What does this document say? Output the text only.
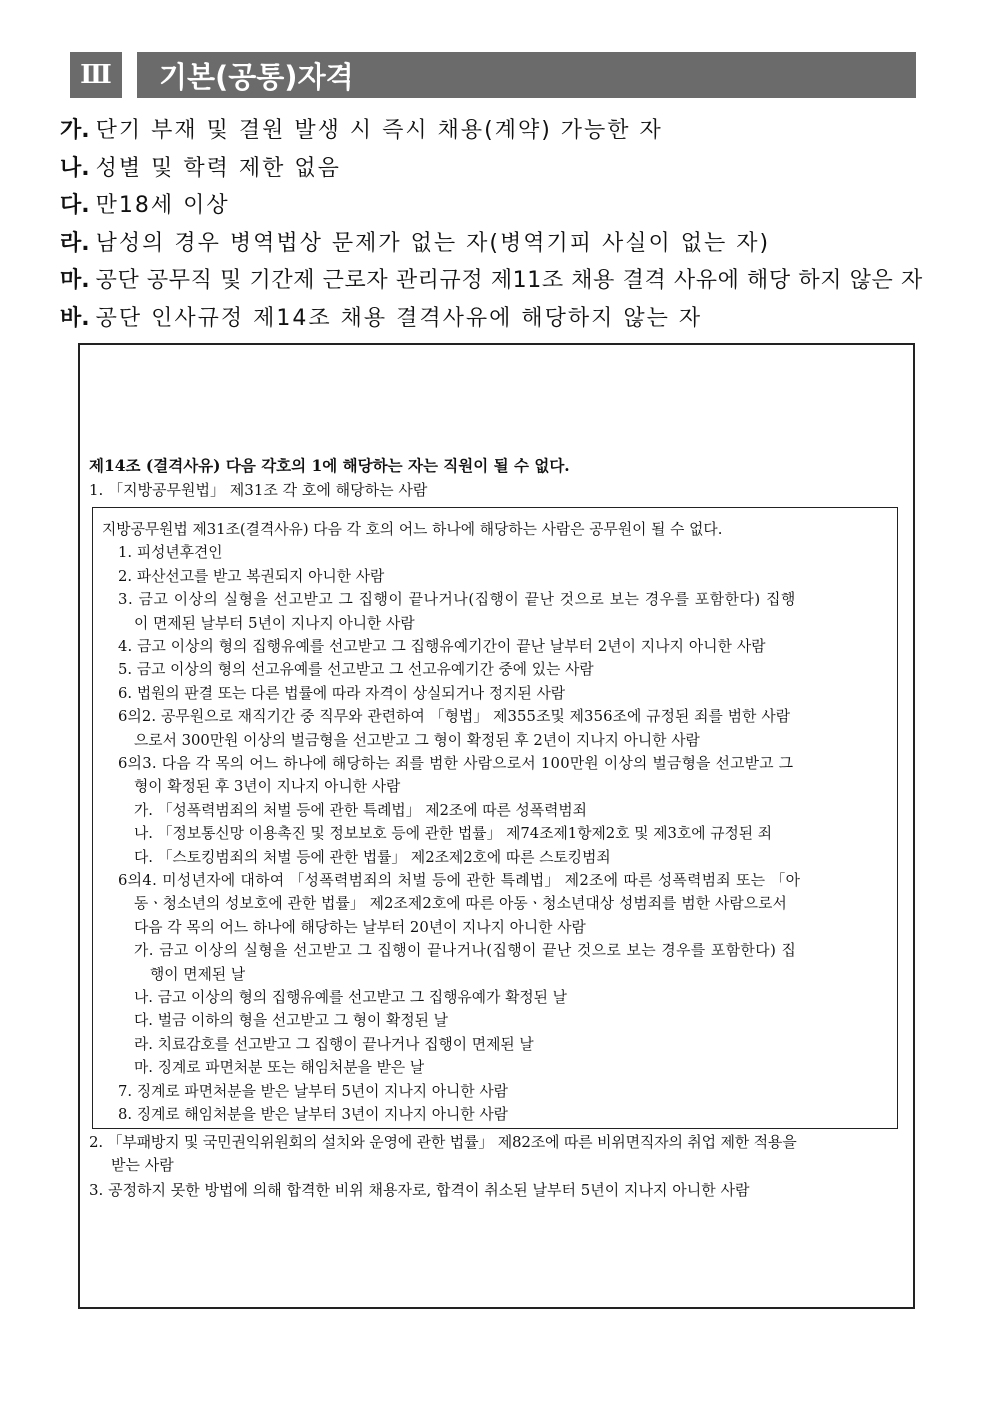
Ⅲ	기본(공통)자격
가. 단기 부재 및 결원 발생 시 즉시 채용(계약) 가능한 자
나. 성별 및 학력 제한 없음
다. 만18세 이상
라. 남성의 경우 병역법상 문제가 없는 자(병역기피 사실이 없는 자)
마. 공단 공무직 및 기간제 근로자 관리규정 제11조 채용 결격 사유에 해당 하지 않은 자
바. 공단 인사규정 제14조 채용 결격사유에 해당하지 않는 자
제14조 (결격사유) 다음 각호의 1에 해당하는 자는 직원이 될 수 없다.
1. 「지방공무원법」 제31조 각 호에 해당하는 사람
지방공무원법 제31조(결격사유) 다음 각 호의 어느 하나에 해당하는 사람은 공무원이 될 수 없다.
1. 피성년후견인
2. 파산선고를 받고 복권되지 아니한 사람
3. 금고 이상의 실형을 선고받고 그 집행이 끝나거나(집행이 끝난 것으로 보는 경우를 포함한다) 집행
이 면제된 날부터 5년이 지나지 아니한 사람
4. 금고 이상의 형의 집행유예를 선고받고 그 집행유예기간이 끝난 날부터 2년이 지나지 아니한 사람
5. 금고 이상의 형의 선고유예를 선고받고 그 선고유예기간 중에 있는 사람
6. 법원의 판결 또는 다른 법률에 따라 자격이 상실되거나 정지된 사람
6의2. 공무원으로 재직기간 중 직무와 관련하여 「형법」 제355조및 제356조에 규정된 죄를 범한 사람
으로서 300만원 이상의 벌금형을 선고받고 그 형이 확정된 후 2년이 지나지 아니한 사람
6의3. 다음 각 목의 어느 하나에 해당하는 죄를 범한 사람으로서 100만원 이상의 벌금형을 선고받고 그
형이 확정된 후 3년이 지나지 아니한 사람
가. 「성폭력범죄의 처벌 등에 관한 특례법」 제2조에 따른 성폭력범죄
나. 「정보통신망 이용촉진 및 정보보호 등에 관한 법률」 제74조제1항제2호 및 제3호에 규정된 죄
다. 「스토킹범죄의 처벌 등에 관한 법률」 제2조제2호에 따른 스토킹범죄
6의4. 미성년자에 대하여 「성폭력범죄의 처벌 등에 관한 특례법」 제2조에 따른 성폭력범죄 또는 「아
동ㆍ청소년의 성보호에 관한 법률」 제2조제2호에 따른 아동ㆍ청소년대상 성범죄를 범한 사람으로서
다음 각 목의 어느 하나에 해당하는 날부터 20년이 지나지 아니한 사람
가. 금고 이상의 실형을 선고받고 그 집행이 끝나거나(집행이 끝난 것으로 보는 경우를 포함한다) 집
행이 면제된 날
나. 금고 이상의 형의 집행유예를 선고받고 그 집행유예가 확정된 날
다. 벌금 이하의 형을 선고받고 그 형이 확정된 날
라. 치료감호를 선고받고 그 집행이 끝나거나 집행이 면제된 날
마. 징계로 파면처분 또는 해임처분을 받은 날
7. 징계로 파면처분을 받은 날부터 5년이 지나지 아니한 사람
8. 징계로 해임처분을 받은 날부터 3년이 지나지 아니한 사람
2. 「부패방지 및 국민권익위원회의 설치와 운영에 관한 법률」 제82조에 따른 비위면직자의 취업 제한 적용을
받는 사람
3. 공정하지 못한 방법에 의해 합격한 비위 채용자로, 합격이 취소된 날부터 5년이 지나지 아니한 사람
